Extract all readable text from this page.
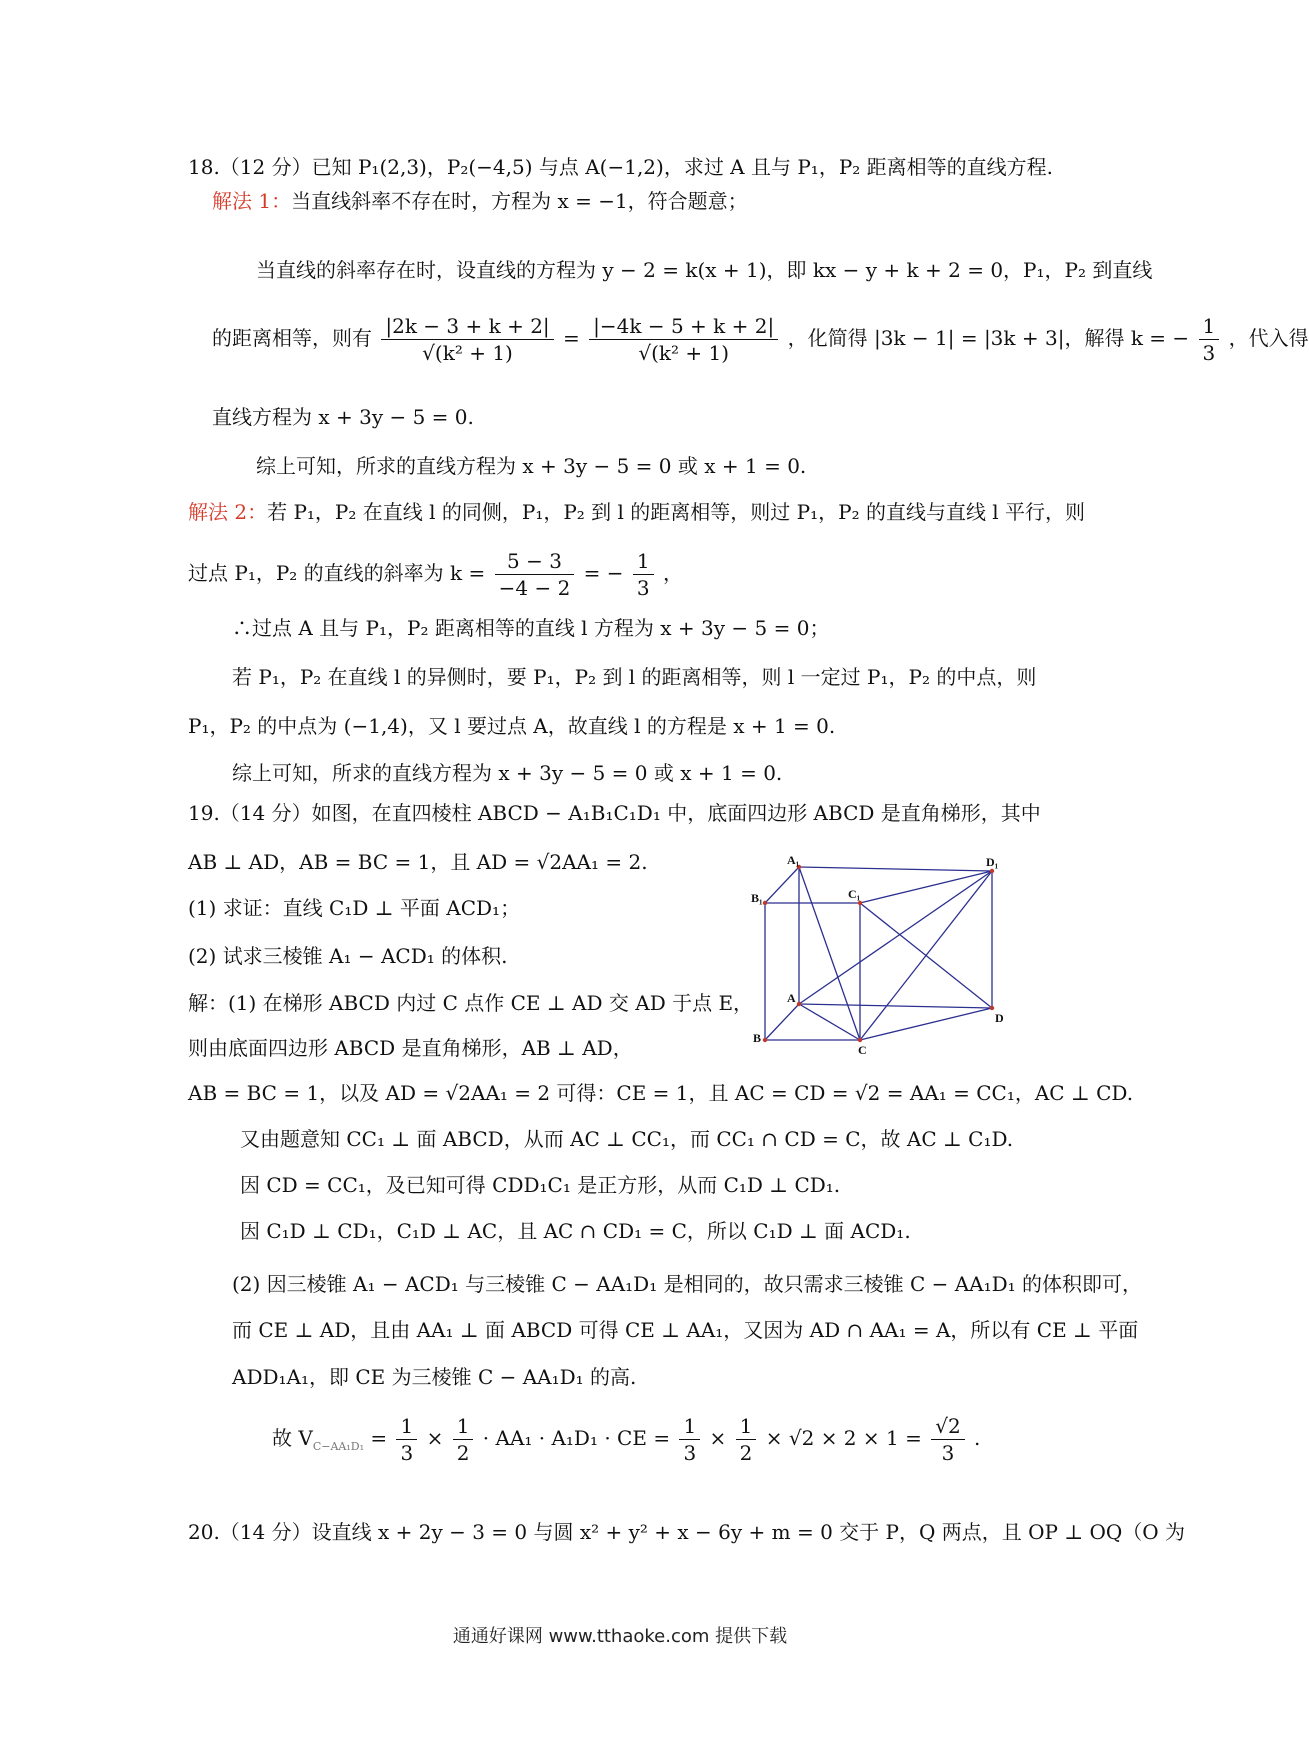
18.（12 分）已知 P₁(2,3)，P₂(−4,5) 与点 A(−1,2)，求过 A 且与 P₁，P₂ 距离相等的直线方程.
解法 1：当直线斜率不存在时，方程为 x = −1，符合题意；
当直线的斜率存在时，设直线的方程为 y − 2 = k(x + 1)，即 kx − y + k + 2 = 0，P₁，P₂ 到直线
的距离相等，则有 $\frac{|2k - 3 + k + 2|}{\text{√(k² + 1)}} = \frac{|-4k - 5 + k + 2|}{\text{√(k² + 1)}}$ ，化简得 |3k − 1| = |3k + 3|，解得 k = − $\frac{1}{3}$ ，代入得
直线方程为 x + 3y − 5 = 0.
综上可知，所求的直线方程为 x + 3y − 5 = 0 或 x + 1 = 0.
解法 2：若 P₁，P₂ 在直线 l 的同侧，P₁，P₂ 到 l 的距离相等，则过 P₁，P₂ 的直线与直线 l 平行，则
过点 P₁，P₂ 的直线的斜率为 $k = \frac{5 - 3}{-4 - 2}$ = − $\frac{1}{3}$ ，
∴过点 A 且与 P₁，P₂ 距离相等的直线 l 方程为 x + 3y − 5 = 0；
若 P₁，P₂ 在直线 l 的异侧时，要 P₁，P₂ 到 l 的距离相等，则 l 一定过 P₁，P₂ 的中点，则
P₁，P₂ 的中点为 (−1,4)，又 l 要过点 A，故直线 l 的方程是 x + 1 = 0.
综上可知，所求的直线方程为 x + 3y − 5 = 0 或 x + 1 = 0.
19.（14 分）如图，在直四棱柱 ABCD − A₁B₁C₁D₁ 中，底面四边形 ABCD 是直角梯形，其中
AB ⊥ AD，AB = BC = 1，且 AD = √2AA₁ = 2.
(1) 求证：直线 C₁D ⊥ 平面 ACD₁；
(2) 试求三棱锥 A₁ − ACD₁ 的体积.
解：(1) 在梯形 ABCD 内过 C 点作 CE ⊥ AD 交 AD 于点 E，
则由底面四边形 ABCD 是直角梯形，AB ⊥ AD，
AB = BC = 1，以及 AD = √2AA₁ = 2 可得：CE = 1，且 AC = CD = √2 = AA₁ = CC₁，AC ⊥ CD.
又由题意知 CC₁ ⊥ 面 ABCD，从而 AC ⊥ CC₁，而 CC₁ ∩ CD = C，故 AC ⊥ C₁D.
因 CD = CC₁，及已知可得 CDD₁C₁ 是正方形，从而 C₁D ⊥ CD₁.
因 C₁D ⊥ CD₁，C₁D ⊥ AC，且 AC ∩ CD₁ = C，所以 C₁D ⊥ 面 ACD₁.
(2) 因三棱锥 A₁ − ACD₁ 与三棱锥 C − AA₁D₁ 是相同的，故只需求三棱锥 C − AA₁D₁ 的体积即可，
而 CE ⊥ AD，且由 AA₁ ⊥ 面 ABCD 可得 CE ⊥ AA₁，又因为 AD ∩ AA₁ = A，所以有 CE ⊥ 平面
ADD₁A₁，即 CE 为三棱锥 C − AA₁D₁ 的高.
故 $V_{C-AA_1D_1} = \frac{1}{3} \times \frac{1}{2} \cdot AA_1 \cdot A_1D_1$ · CE = $\frac{1}{3} \times \frac{1}{2} \times √2 \times 2 \times 1 = \frac{√2}{3}$ .
A₁	D₁
B₁	C₁
A
B
C
D
20.（14 分）设直线 x + 2y − 3 = 0 与圆 x² + y² + x − 6y + m = 0 交于 P，Q 两点，且 OP ⊥ OQ（O 为
通通好课网 www.tthaoke.com 提供下载
